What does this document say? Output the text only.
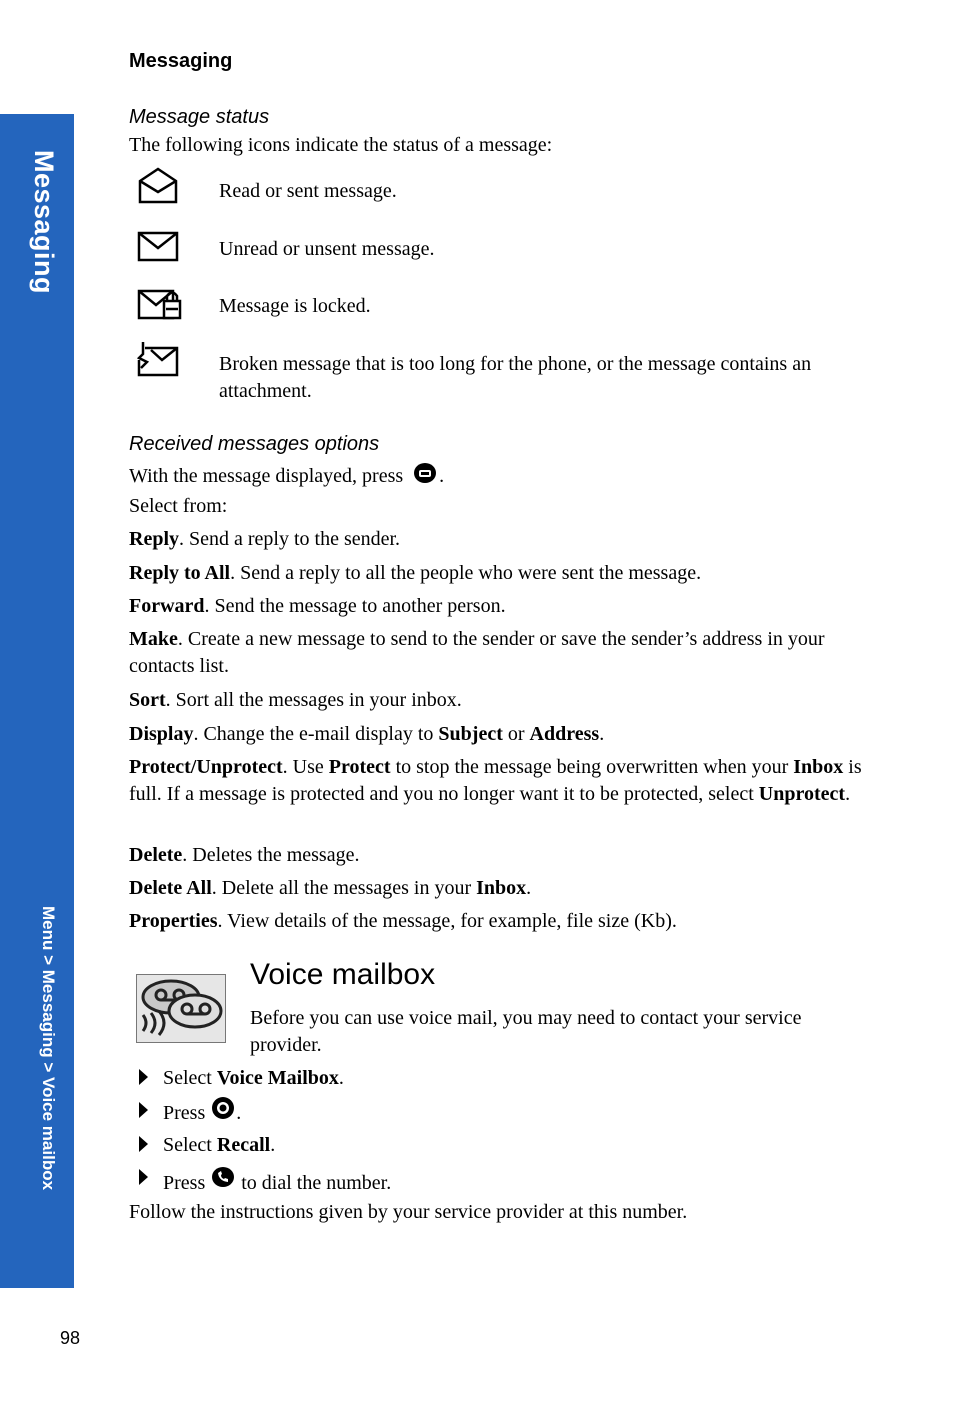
Messaging
Menu > Messaging > Voice mailbox
Messaging
Message status
The following icons indicate the status of a message:
Read or sent message.
Unread or unsent message.
Message is locked.
Broken message that is too long for the phone, or the message contains an attachment.
Received messages options
With the message displayed, press .
Select from:
Reply. Send a reply to the sender.
Reply to All. Send a reply to all the people who were sent the message.
Forward. Send the message to another person.
Make. Create a new message to send to the sender or save the sender’s address in your contacts list.
Sort. Sort all the messages in your inbox.
Display. Change the e-mail display to Subject or Address.
Protect/Unprotect. Use Protect to stop the message being overwritten when your Inbox is full. If a message is protected and you no longer want it to be protected, select Unprotect.
Delete. Deletes the message.
Delete All. Delete all the messages in your Inbox.
Properties. View details of the message, for example, file size (Kb).
Voice mailbox
Before you can use voice mail, you may need to contact your service provider.
Select Voice Mailbox.
Press .
Select Recall.
Press  to dial the number.
Follow the instructions given by your service provider at this number.
98
